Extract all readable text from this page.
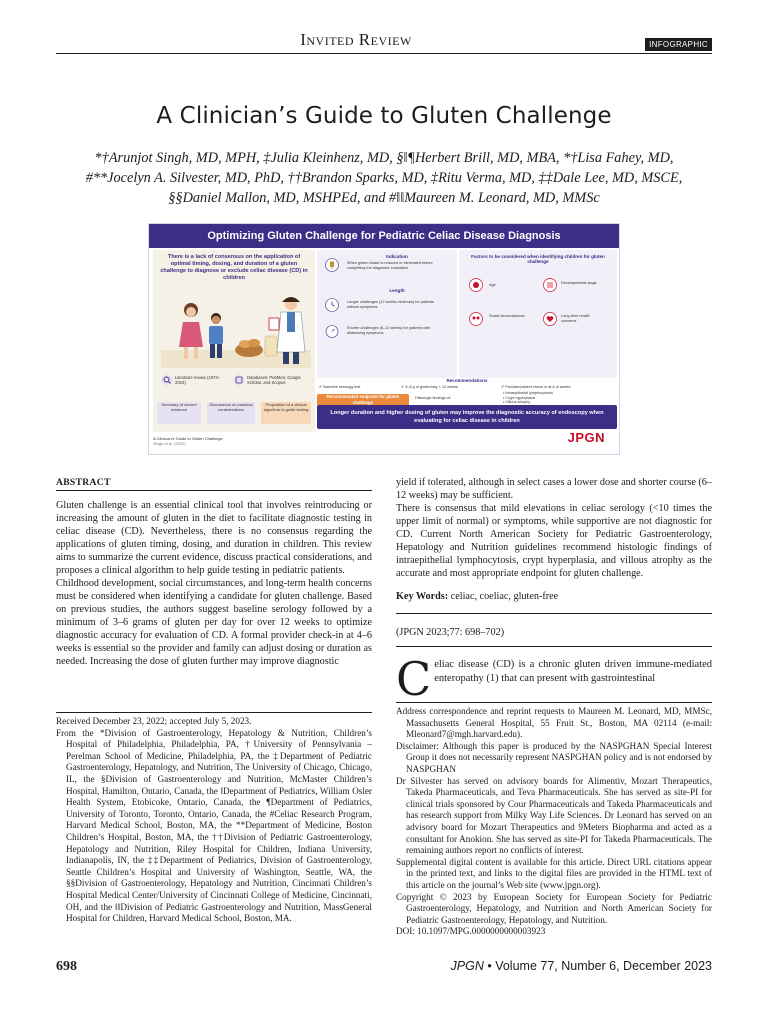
Invited Review	INFOGRAPHIC
A Clinician’s Guide to Gluten Challenge

*†Arunjot Singh, MD, MPH, ‡Julia Kleinhenz, MD, §‖¶Herbert Brill, MD, MBA, *†Lisa Fahey, MD,

#**Jocelyn A. Silvester, MD, PhD, ††Brandon Sparks, MD, ‡Ritu Verma, MD, ‡‡Dale Lee, MD, MSCE,

§§Daniel Mallon, MD, MSHPEd, and #‖‖Maureen M. Leonard, MD, MMSc

Optimizing Gluten Challenge for Pediatric Celiac Disease Diagnosis
There is a lack of consensus on the application of optimal timing, dosing, and duration of a gluten challenge to diagnose or exclude celiac disease (CD) in children
Literature review (1973–2023)
Databases: PubMed, Google Scholar, and Scopus
Summary of current evidence
Discussions on practical considerations
Proposition of a clinical algorithm to guide testing
Indication
When gluten intake is reduced or eliminated before completing the diagnostic evaluation
Length
Longer challenges (12 weeks minimum) for patients without symptoms
Shorter challenges (6–12 weeks) for patients with distressing symptoms
Factors to be considered when identifying children for gluten challenge
Age	Developmental stage
Social circumstances	Long-term health concerns
Recommendations
✔ Baseline serology test	✔ 3–6 g of gluten/day × 12 weeks	✔ Provider/patient check-in at 4–6 weeks
Recommended endpoint for gluten challenge
Histologic findings of:
• Intraepithelial lymphocytosis
• Crypt hyperplasia
• Villous atrophy
Longer duration and higher dosing of gluten may improve the diagnostic accuracy of endoscopy when evaluating for celiac disease in children
A Clinician’s Guide to Gluten Challenge
Singh et al. (2023)	JPGN
ABSTRACT

Gluten challenge is an essential clinical tool that involves reintroducing or increasing the amount of gluten in the diet to facilitate diagnostic testing in celiac disease (CD). Nevertheless, there is no consensus regarding the applications of gluten timing, dosing, and duration in children. This review aims to summarize the current evidence, discuss practical considerations, and proposes a clinical algorithm to help guide testing in pediatric patients.

Childhood development, social circumstances, and long-term health concerns must be considered when identifying a candidate for gluten challenge. Based on previous studies, the authors suggest baseline serology followed by a minimum of 3–6 grams of gluten per day for over 12 weeks to optimize diagnostic accuracy for evaluation of CD. A formal provider check-in at 4–6 weeks is essential so the provider and family can adjust dosing or duration as needed. Increasing the dose of gluten further may improve diagnostic

yield if tolerated, although in select cases a lower dose and shorter course (6–12 weeks) may be sufficient.

There is consensus that mild elevations in celiac serology (<10 times the upper limit of normal) or symptoms, while supportive are not diagnostic for CD. Current North American Society for Pediatric Gastroenterology, Hepatology and Nutrition guidelines recommend histologic findings of intraepithelial lymphocytosis, crypt hyperplasia, and villous atrophy as the accurate and most appropriate endpoint for gluten challenge.

Key Words: celiac, coeliac, gluten-free

(JPGN 2023;77: 698–702)
Celiac disease (CD) is a chronic gluten driven immune-mediated enteropathy (1) that can present with gastrointestinal

Received December 23, 2022; accepted July 5, 2023.

From the *Division of Gastroenterology, Hepatology & Nutrition, Children’s Hospital of Philadelphia, Philadelphia, PA, †University of Pennsylvania – Perelman School of Medicine, Philadelphia, PA, the ‡Department of Pediatric Gastroenterology, Hepatology, and Nutrition, The University of Chicago, Chicago, IL, the §Division of Gastroenterology and Nutrition, McMaster Children’s Hospital, Hamilton, Ontario, Canada, the ‖Department of Pediatrics, William Osler Health System, Etobicoke, Ontario, Canada, the ¶Department of Pediatrics, University of Toronto, Toronto, Ontario, Canada, the #Celiac Research Program, Harvard Medical School, Boston, MA, the **Department of Medicine, Boston Children’s Hospital, Boston, MA, the ††Division of Pediatric Gastroenterology, Hepatology and Nutrition, Riley Hospital for Children, Indiana University, Indianapolis, IN, the ‡‡Department of Pediatrics, Division of Gastroenterology, Seattle Children’s Hospital and University of Washington, Seattle, WA, the §§Division of Gastroenterology, Hepatology and Nutrition, Cincinnati Children’s Hospital Medical Center/University of Cincinnati College of Medicine, Cincinnati, OH, and the ‖‖Division of Pediatric Gastroenterology and Nutrition, MassGeneral Hospital for Children, Harvard Medical School, Boston, MA.

Address correspondence and reprint requests to Maureen M. Leonard, MD, MMSc, Massachusetts General Hospital, 55 Fruit St., Boston, MA 02114 (e-mail: Mleonard7@mgh.harvard.edu).

Disclaimer: Although this paper is produced by the NASPGHAN Special Interest Group it does not necessarily represent NASPGHAN policy and is not endorsed by NASPGHAN

Dr Silvester has served on advisory boards for Alimentiv, Mozart Therapeutics, Takeda Pharmaceuticals, and Teva Pharmaceuticals. She has served as site-PI for clinical trials sponsored by Cour Pharmaceuticals and Takeda Pharmaceuticals and has research support from Milky Way Life Sciences. Dr Leonard has served on an advisory board for Mozart Therapeutics and 9Meters Biopharma and acted as a consultant for Anokion. She has served as site-PI for Takeda Pharmaceuticals. The remaining authors report no conflicts of interest.

Supplemental digital content is available for this article. Direct URL citations appear in the printed text, and links to the digital files are provided in the HTML text of this article on the journal’s Web site (www.jpgn.org).

Copyright © 2023 by European Society for European Society for Pediatric Gastroenterology, Hepatology, and Nutrition and North American Society for Pediatric Gastroenterology, Hepatology, and Nutrition.

DOI: 10.1097/MPG.0000000000003923

698	JPGN • Volume 77, Number 6, December 2023
